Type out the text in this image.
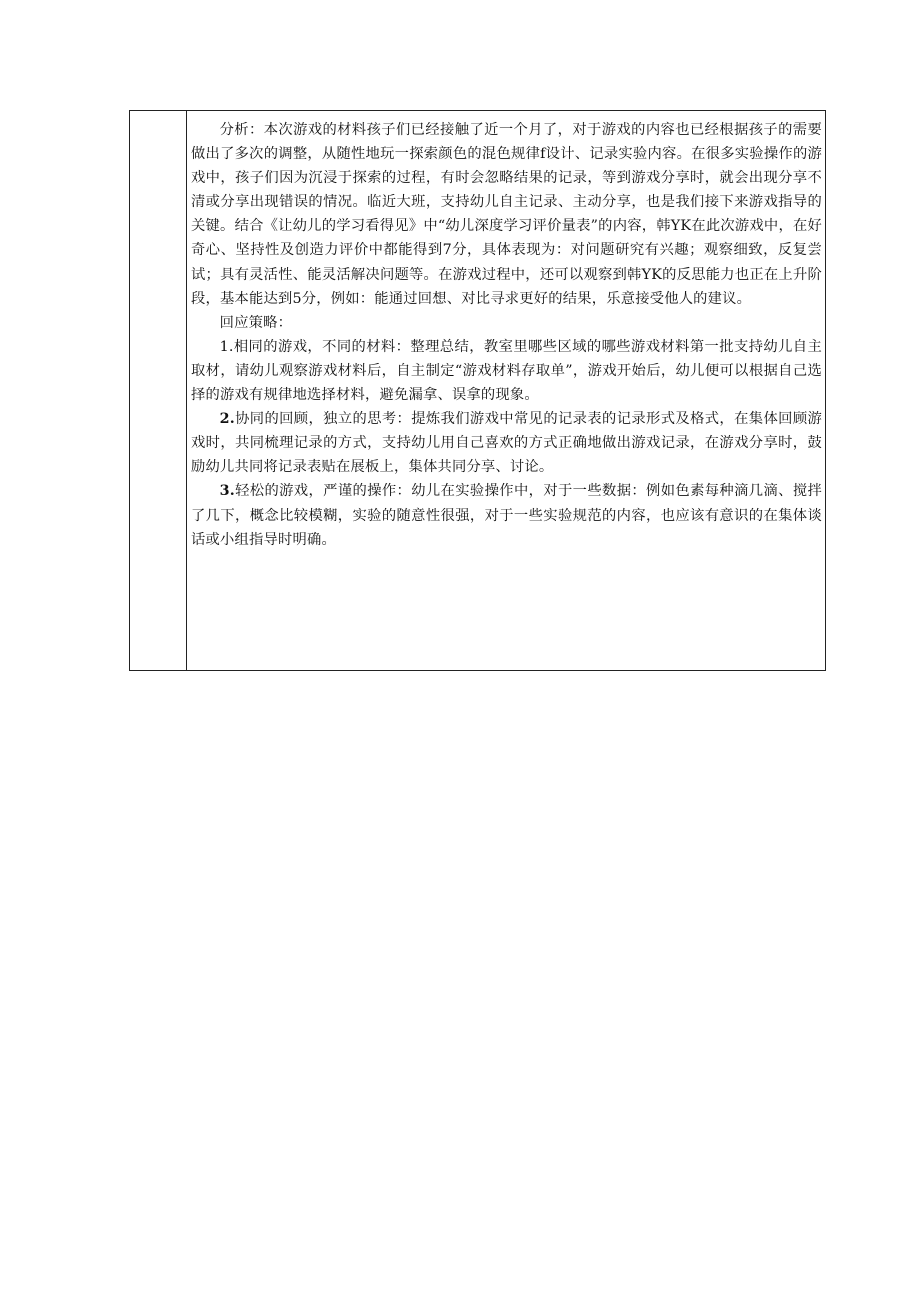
分析：本次游戏的材料孩子们已经接触了近一个月了，对于游戏的内容也已经根据孩子的需要做出了多次的调整，从随性地玩一探索颜色的混色规律f设计、记录实验内容。在很多实验操作的游戏中，孩子们因为沉浸于探索的过程，有时会忽略结果的记录，等到游戏分享时，就会出现分享不清或分享出现错误的情况。临近大班，支持幼儿自主记录、主动分享，也是我们接下来游戏指导的关键。结合《让幼儿的学习看得见》中“幼儿深度学习评价量表”的内容，韩YK在此次游戏中，在好奇心、坚持性及创造力评价中都能得到7分，具体表现为：对问题研究有兴趣；观察细致，反复尝试；具有灵活性、能灵活解决问题等。在游戏过程中，还可以观察到韩YK的反思能力也正在上升阶段，基本能达到5分，例如：能通过回想、对比寻求更好的结果，乐意接受他人的建议。

回应策略：

1.相同的游戏，不同的材料：整理总结，教室里哪些区域的哪些游戏材料第一批支持幼儿自主取材，请幼儿观察游戏材料后，自主制定“游戏材料存取单”，游戏开始后，幼儿便可以根据自己选择的游戏有规律地选择材料，避免漏拿、误拿的现象。

2.协同的回顾，独立的思考：提炼我们游戏中常见的记录表的记录形式及格式，在集体回顾游戏时，共同梳理记录的方式，支持幼儿用自己喜欢的方式正确地做出游戏记录，在游戏分享时，鼓励幼儿共同将记录表贴在展板上，集体共同分享、讨论。

3.轻松的游戏，严谨的操作：幼儿在实验操作中，对于一些数据：例如色素每种滴几滴、搅拌了几下，概念比较模糊，实验的随意性很强，对于一些实验规范的内容，也应该有意识的在集体谈话或小组指导时明确。
